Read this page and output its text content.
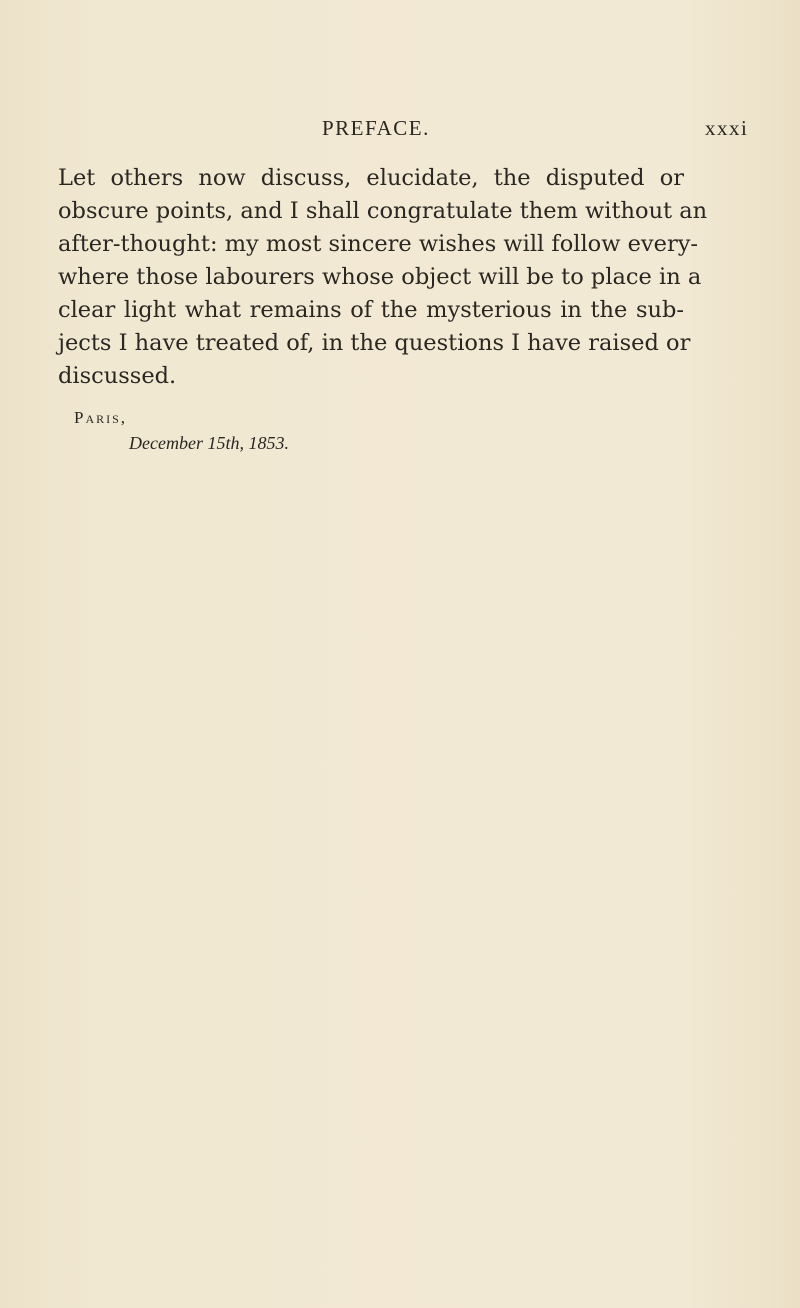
PREFACE.	xxxi
Let others now discuss, elucidate, the disputed or
obscure points, and I shall congratulate them without an
after-thought: my most sincere wishes will follow every-
where those labourers whose object will be to place in a
clear light what remains of the mysterious in the sub-
jects I have treated of, in the questions I have raised or
discussed.
Paris,
December 15th, 1853.
